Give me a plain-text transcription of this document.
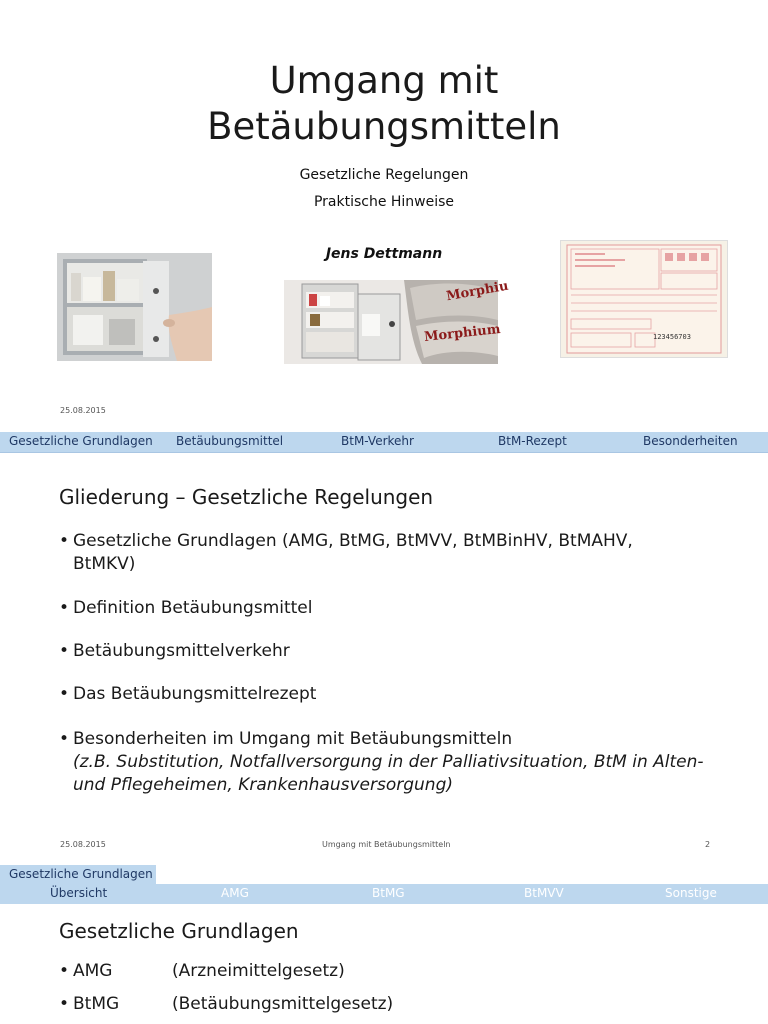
Umgang mit
Betäubungsmitteln
Gesetzliche Regelungen
Praktische Hinweise
Jens Dettmann
Morphiu
Morphium	123456703
25.08.2015
Gesetzliche Grundlagen Betäubungsmittel	BtM-Verkehr	BtM-Rezept	Besonderheiten
Gliederung – Gesetzliche Regelungen
• Gesetzliche Grundlagen (AMG, BtMG, BtMVV, BtMBinHV, BtMAHV, BtMKV)
• Definition Betäubungsmittel
• Betäubungsmittelverkehr
• Das Betäubungsmittelrezept
• Besonderheiten im Umgang mit Betäubungsmitteln
(z.B. Substitution, Notfallversorgung in der Palliativsituation, BtM in Alten- und Pflegeheimen, Krankenhausversorgung)
25.08.2015	Umgang mit Betäubungsmitteln	2
Gesetzliche Grundlagen
Übersicht	AMG	BtMG	BtMVV	Sonstige
Gesetzliche Grundlagen
• AMG	(Arzneimittelgesetz)
• BtMG	(Betäubungsmittelgesetz)
